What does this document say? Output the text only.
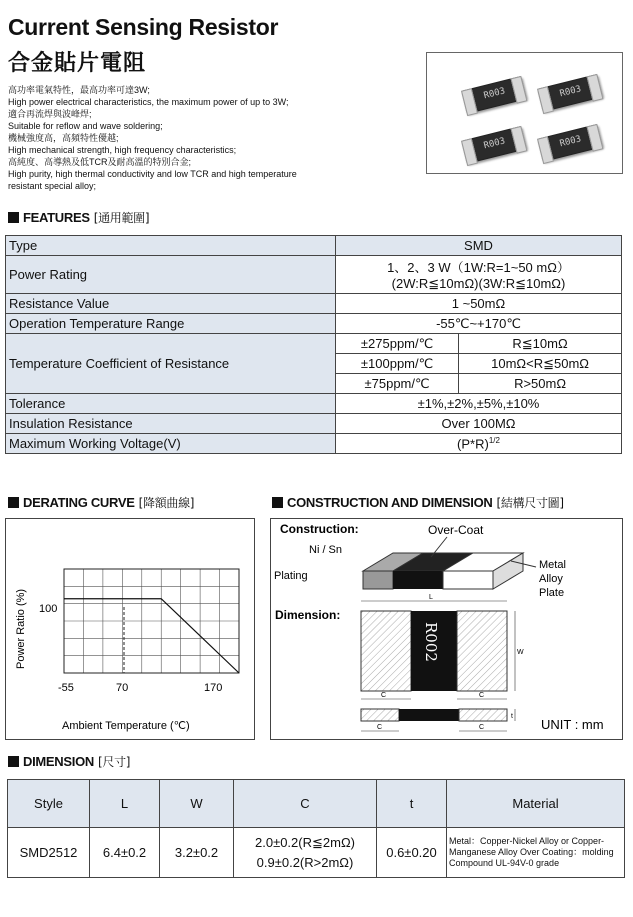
Current Sensing Resistor
合金貼片電阻
高功率電氣特性，最高功率可達3W;
High power electrical characteristics, the maximum power of up to 3W;
適合再流焊與波峰焊;
Suitable for reflow and wave soldering;
機械強度高，高頻特性優越;
High mechanical strength, high frequency characteristics;
高純度、高導熱及低TCR及耐高溫的特別合金;
High purity, high thermal conductivity and low TCR and high temperature
resistant special alloy;
R003	R003
R003	R003
FEATURES [通用範圍]
Type	SMD	
Power Rating	1、2、3 W（1W:R=1~50 mΩ）
(2W:R≦10mΩ)(3W:R≦10mΩ)	

Resistance Value	1 ~50mΩ	
Operation Temperature Range	-55℃~+170℃	
Temperature Coefficient of Resistance	±275ppm/℃	R≦10mΩ
	±100ppm/℃	10mΩ<R≦50mΩ
	±75ppm/℃	R>50mΩ
Tolerance	±1%,±2%,±5%,±10%	
Insulation Resistance	Over 100MΩ	
Maximum Working Voltage(V)	$(P*R)^{1/2}$
DERATING CURVE [降額曲線]	CONSTRUCTION AND DIMENSION [結構尺寸圖]
100
-55	70	170
Power Ratio (%)
Ambient Temperature (℃)
Construction:	Over-Coat
Ni / Sn
Plating
Metal
Alloy
Plate
Dimension:
R002
L
W
C	C
t
C	C	UNIT : mm
DIMENSION [尺寸]
Style	L	W	C	t	Material
SMD2512	6.4±0.2	3.2±0.2	2.0±0.2(R≦2mΩ)
0.9±0.2(R>2mΩ)	0.6±0.20	Metal：Copper-Nickel Alloy or Copper-Manganese Alloy Over Coating：molding Compound UL-94V-0 grade
